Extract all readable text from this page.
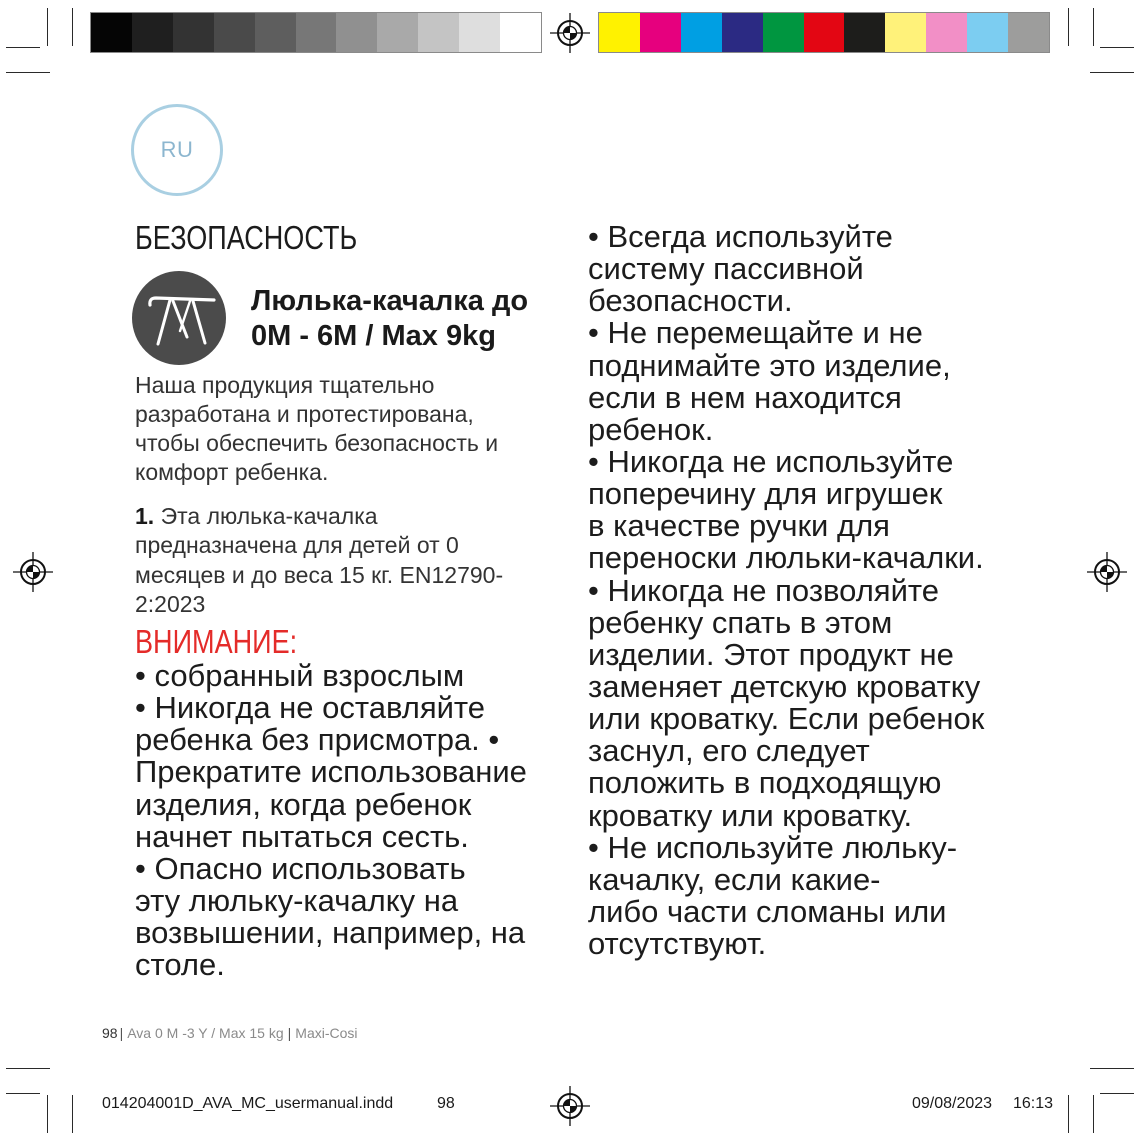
RU
БЕЗОПАСНОСТЬ
Люлька-качалка до
0M - 6M / Max 9kg
Наша продукция тщательно
разработана и протестирована,
чтобы обеспечить безопасность и
комфорт ребенка.
1. Эта люлька-качалка
предназначена для детей от 0
месяцев и до веса 15 кг. EN12790-
2:2023
ВНИМАНИЕ:
• собранный взрослым
• Никогда не оставляйте
ребенка без присмотра. •
Прекратите использование
изделия, когда ребенок
начнет пытаться сесть.
• Опасно использовать
эту люльку-качалку на
возвышении, например, на
столе.
• Всегда используйте
систему пассивной
безопасности.
• Не перемещайте и не
поднимайте это изделие,
если в нем находится
ребенок.
• Никогда не используйте
поперечину для игрушек
в качестве ручки для
переноски люльки-качалки.
• Никогда не позволяйте
ребенку спать в этом
изделии. Этот продукт не
заменяет детскую кроватку
или кроватку. Если ребенок
заснул, его следует
положить в подходящую
кроватку или кроватку.
• Не используйте люльку-
качалку, если какие-
либо части сломаны или
отсутствуют.
98 | Ava 0 M -3 Y / Max 15 kg | Maxi-Cosi
014204001D_AVA_MC_usermanual.indd	98	09/08/2023 16:13
